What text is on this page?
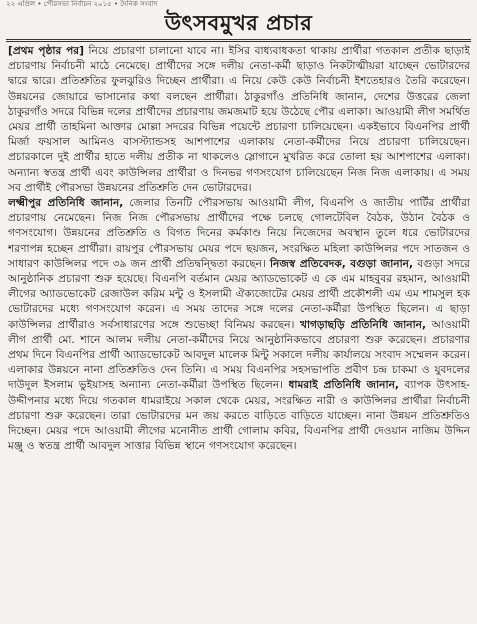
২২ এপ্রিল • পৌরসভা নির্বাচন ২০১৫ • দৈনিক সংবাদ
উৎসবমুখর প্রচার

[প্রথম পৃষ্ঠার পর] নিয়ে প্রচারণা চালানো যাবে না। ইসির বাধ্যবাধকতা থাকায় প্রার্থীরা গতকাল প্রতীক ছাড়াই প্রচারণায় নির্বাচনী মাঠে নেমেছে। প্রার্থীদের সঙ্গে দলীয় নেতা-কর্মী ছাড়াও নিকটাত্মীয়রা যাচ্ছেন ভোটারদের দ্বারে দ্বারে। প্রতিশ্রুতির ফুলঝুরিও দিচ্ছেন প্রার্থীরা। এ নিয়ে কেউ কেউ নির্বাচনী ইশতেহারও তৈরি করেছেন। উন্নয়নের জোয়ারে ভাসানোর কথা বলছেন প্রার্থীরা। ঠাকুরগাঁও প্রতিনিধি জানান, দেশের উত্তরের জেলা ঠাকুরগাঁও সদরে বিভিন্ন দলের প্রার্থীদের প্রচারণায় জমজমাট হয়ে উঠেছে পৌর এলাকা। আওয়ামী লীগ সমর্থিত মেয়র প্রার্থী তাহমিনা আক্তার মোল্লা সদরের বিভিন্ন পয়েন্টে প্রচারণা চালিয়েছেন। একইভাবে বিএনপির প্রার্থী মির্জা ফয়সাল আমিনও বাসস্ট্যান্ডসহ আশপাশের এলাকায় নেতা-কর্মীদের নিয়ে প্রচারণা চালিয়েছেন। প্রচারকালে দুই প্রার্থীর হাতে দলীয় প্রতীক না থাকলেও স্লোগানে মুখরিত করে তোলা হয় আশপাশের এলাকা। অন্যান্য স্বতন্ত্র প্রার্থী এবং কাউন্সিলর প্রার্থীরা ও দিনভর গণসংযোগ চালিয়েছেন নিজ নিজ এলাকায়। এ সময় সব প্রার্থীই পৌরসভা উন্নয়নের প্রতিশ্রুতি দেন ভোটারদের।

লক্ষ্মীপুর প্রতিনিধি জানান, জেলার তিনটি পৌরসভায় আওয়ামী লীগ, বিএনপি ও জাতীয় পার্টির প্রার্থীরা প্রচারণায় নেমেছেন। নিজ নিজ পৌরসভায় প্রার্থীদের পক্ষে চলছে গোলটেবিল বৈঠক, উঠান বৈঠক ও গণসংযোগ। উন্নয়নের প্রতিশ্রুতি ও বিগত দিনের কর্মকাণ্ড নিয়ে নিজেদের অবস্থান তুলে ধরে ভোটারদের শরণাপন্ন হচ্ছেন প্রার্থীরা। রায়পুর পৌরসভায় মেয়র পদে ছয়জন, সংরক্ষিত মহিলা কাউন্সিলর পদে সাতজন ও সাধারণ কাউন্সিলর পদে ৩৯ জন প্রার্থী প্রতিদ্বন্দ্বিতা করছেন। নিজস্ব প্রতিবেদক, বগুড়া জানান, বগুড়া সদরে আনুষ্ঠানিক প্রচারণা শুরু হয়েছে। বিএনপি বর্তমান মেয়র অ্যাডভোকেট এ কে এম মাহবুবর রহমান, আওয়ামী লীগের অ্যাডভোকেট রেজাউল করিম মন্টু ও ইসলামী ঐক্যজোটের মেয়র প্রার্থী প্রকৌশলী এম এম শামসুল হক ভোটারদের মধ্যে গণসংযোগ করেন। এ সময় তাদের সঙ্গে দলের নেতা-কর্মীরা উপস্থিত ছিলেন। এ ছাড়া কাউন্সিলর প্রার্থীরাও সর্বসাধারণের সঙ্গে শুভেচ্ছা বিনিময় করছেন। খাগড়াছড়ি প্রতিনিধি জানান, আওয়ামী লীগ প্রার্থী মো. শানে আলম দলীয় নেতা-কর্মীদের নিয়ে আনুষ্ঠানিকভাবে প্রচারণা শুরু করেছেন। প্রচারণার প্রথম দিনে বিএনপির প্রার্থী অ্যাডভোকেট আবদুল মালেক মিন্টু সকালে দলীয় কার্যালয়ে সংবাদ সম্মেলন করেন। এলাকার উন্নয়নে নানা প্রতিশ্রুতিও দেন তিনি। এ সময় বিএনপির সহসভাপতি প্রবীণ চন্দ্র চাকমা ও যুবদলের দাউদুল ইসলাম ভুইয়াসহ অন্যান্য নেতা-কর্মীরা উপস্থিত ছিলেন। ধামরাই প্রতিনিধি জানান, ব্যাপক উৎসাহ-উদ্দীপনার মধ্যে দিয়ে গতকাল ধামরাইয়ে সকাল থেকে মেয়র, সংরক্ষিত নারী ও কাউন্সিলর প্রার্থীরা নির্বাচনী প্রচারণা শুরু করেছেন। তারা ভোটারদের মন জয় করতে বাড়িতে বাড়িতে যাচ্ছেন। নানা উন্নয়ন প্রতিশ্রুতিও দিচ্ছেন। মেয়র পদে আওয়ামী লীগের মনোনীত প্রার্থী গোলাম কবির, বিএনপির প্রার্থী দেওয়ান নাজিম উদ্দিন মঞ্জু ও স্বতন্ত্র প্রার্থী আবদুল সাত্তার বিভিন্ন স্থানে গণসংযোগ করেছেন।
